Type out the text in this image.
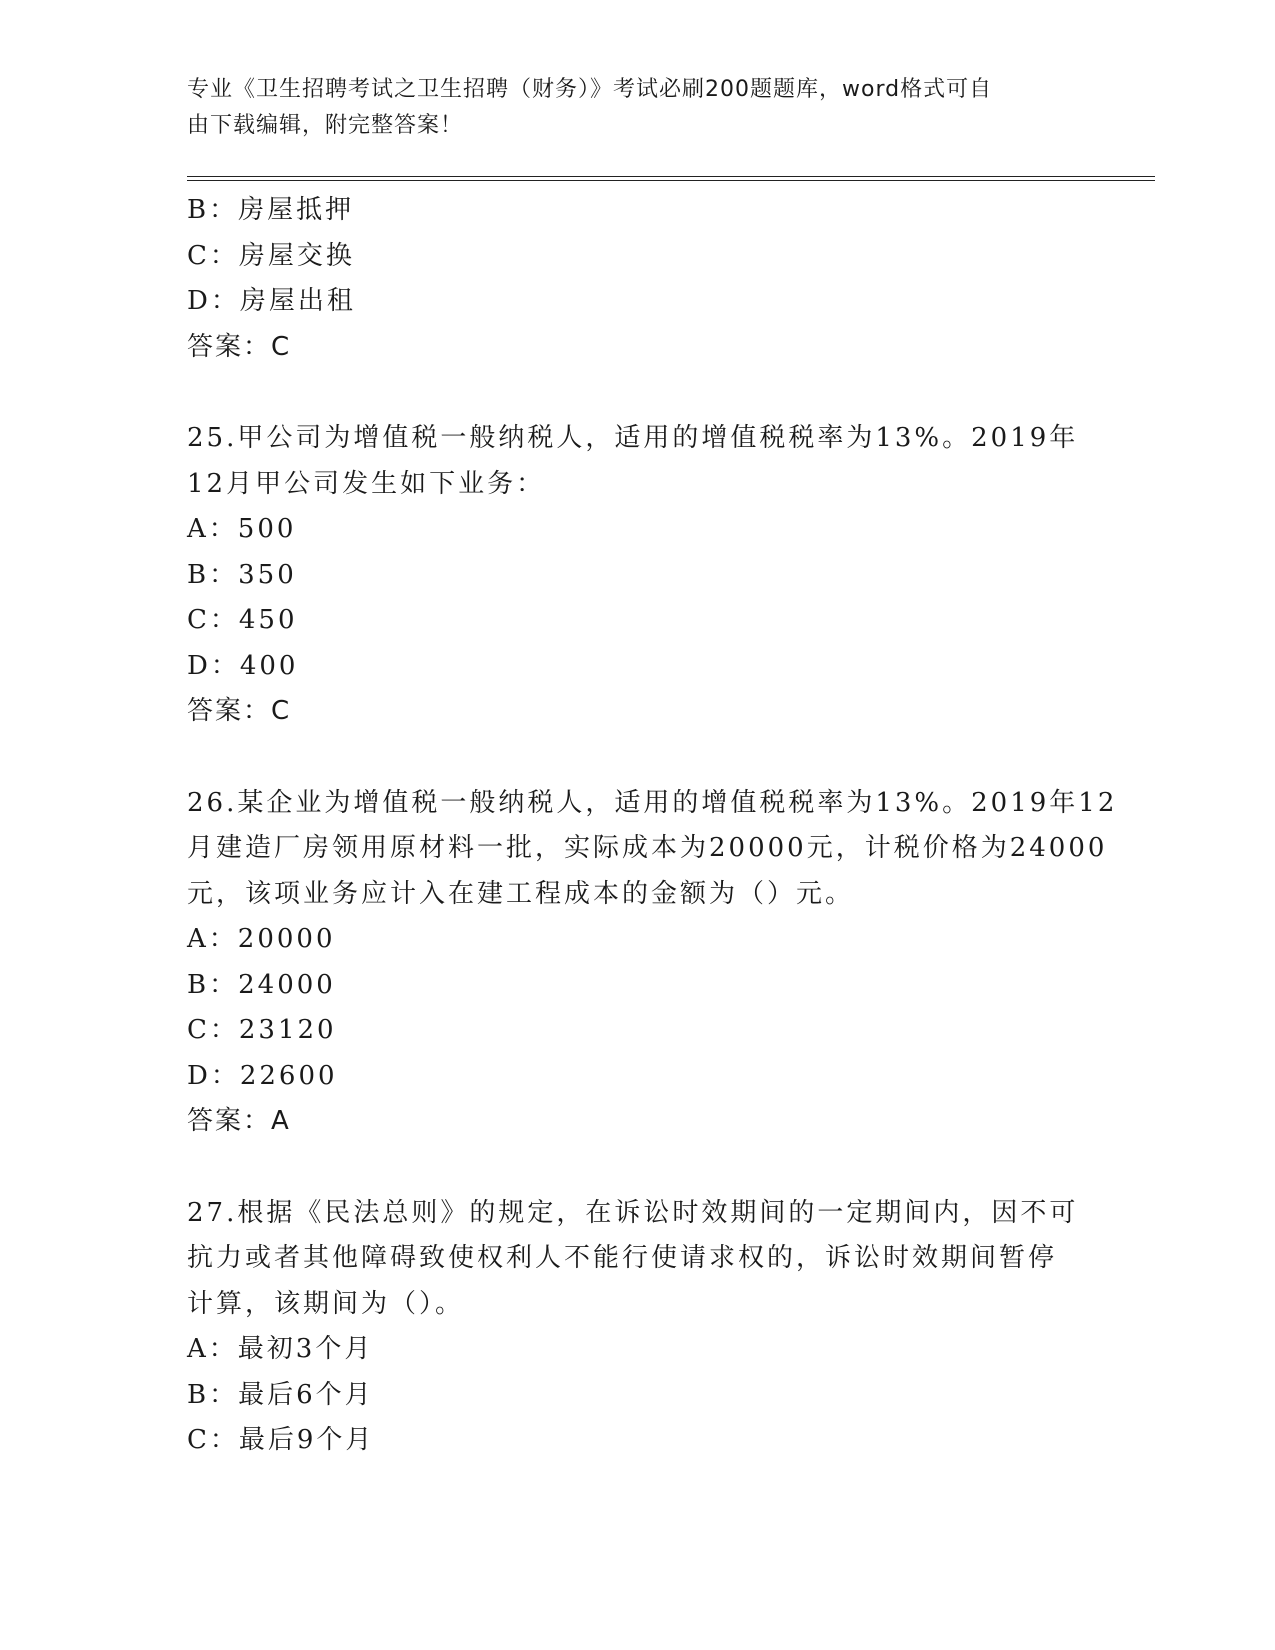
专业《卫生招聘考试之卫生招聘（财务）》考试必刷200题题库，word格式可自
由下载编辑，附完整答案！
B：房屋抵押
C：房屋交换
D：房屋出租
答案：C
25.甲公司为增值税一般纳税人，适用的增值税税率为13%。2019年
12月甲公司发生如下业务：
A：500
B：350
C：450
D：400
答案：C
26.某企业为增值税一般纳税人，适用的增值税税率为13%。2019年12
月建造厂房领用原材料一批，实际成本为20000元，计税价格为24000
元，该项业务应计入在建工程成本的金额为（）元。
A：20000
B：24000
C：23120
D：22600
答案：A
27.根据《民法总则》的规定，在诉讼时效期间的一定期间内，因不可
抗力或者其他障碍致使权利人不能行使请求权的，诉讼时效期间暂停
计算，该期间为（）。
A：最初3个月
B：最后6个月
C：最后9个月
